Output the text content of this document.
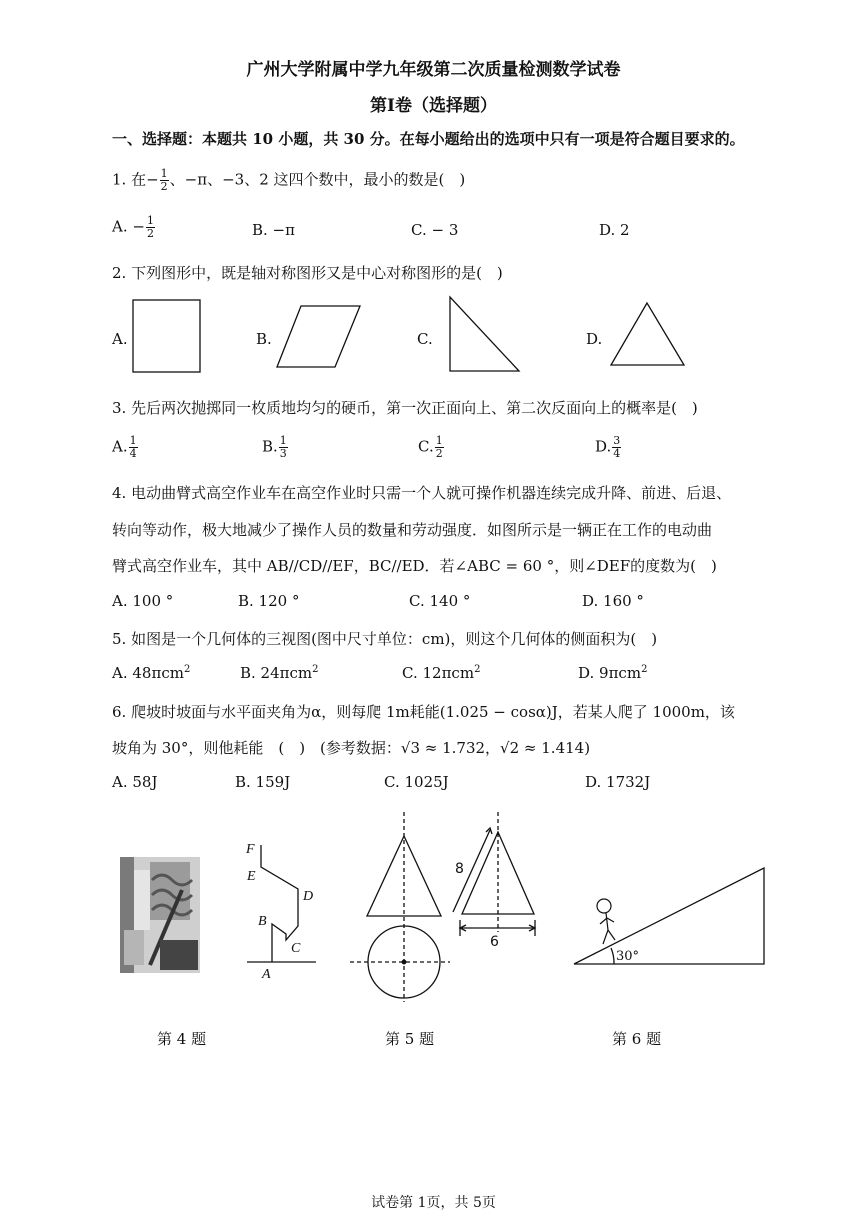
广州大学附属中学九年级第二次质量检测数学试卷
第Ⅰ卷（选择题）
一、选择题：本题共 10 小题，共 30 分。在每小题给出的选项中只有一项是符合题目要求的。
1. 在− $\frac{1}{2}$ 、−π、−3、2 这四个数中，最小的数是(　)
A. − $\frac{1}{2}$	B. −π	C. − 3	D. 2
2. 下列图形中，既是轴对称图形又是中心对称图形的是(　)
A.	B.	C.	D.
3. 先后两次抛掷同一枚质地均匀的硬币，第一次正面向上、第二次反面向上的概率是(　)
A. $\frac{1}{4}$	B. $\frac{1}{3}$	C. $\frac{1}{2}$	D. $\frac{3}{4}$
4. 电动曲臂式高空作业车在高空作业时只需一个人就可操作机器连续完成升降、前进、后退、
转向等动作，极大地减少了操作人员的数量和劳动强度．如图所示是一辆正在工作的电动曲
臂式高空作业车，其中 AB//CD//EF，BC//ED．若∠ABC = 60 °，则∠DEF的度数为(　)
A. 100 °	B. 120 °	C. 140 °	D. 160 °
5. 如图是一个几何体的三视图(图中尺寸单位：cm)，则这个几何体的侧面积为(　)
A. 48πcm$^2$	B. 24πcm$^2$	C. 12πcm$^2$	D. 9πcm$^2$
6. 爬坡时坡面与水平面夹角为α，则每爬 1m耗能(1.025 − cosα)J，若某人爬了 1000m，该
坡角为 30°，则他耗能　(　)　(参考数据：√3 ≈ 1.732，√2 ≈ 1.414)
A. 58J	B. 159J	C. 1025J	D. 1732J
F
E
D
B
C
A
8
6
30°
第 4 题	第 5 题	第 6 题
试卷第 1页，共 5页
